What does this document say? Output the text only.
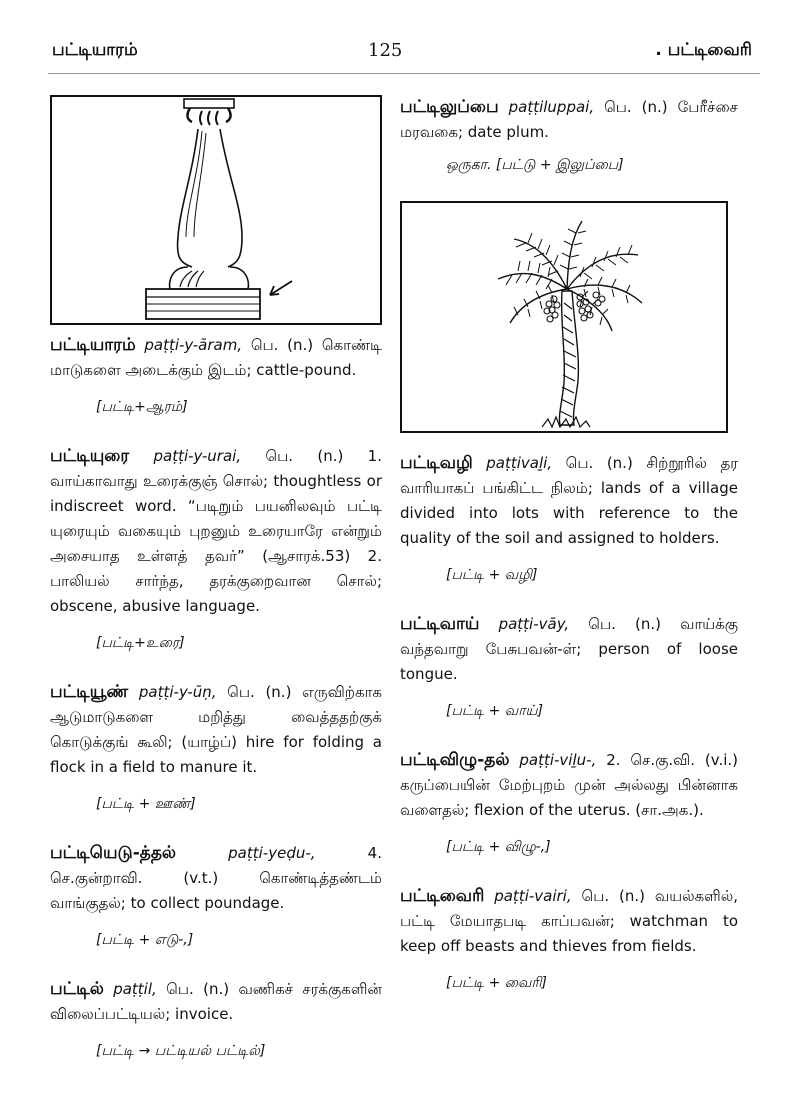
பட்டியாரம்	125	. பட்டிவைரி

பட்டியாரம் paṭṭi-y-āram, பெ. (n.) கொண்டி மாடுகளை அடைக்கும் இடம்; cattle-pound.

[பட்டி+ஆரம்]

பட்டியுரை paṭṭi-y-urai, பெ. (n.) 1. வாய்காவாது உரைக்குஞ் சொல்; thoughtless or indiscreet word. “படிறும் பயனிலவும் பட்டி யுரையும் வகையும் புறனும் உரையாரே என்றும் அசையாத உள்ளத் தவர்” (ஆசாரக்.53) 2. பாலியல் சார்ந்த, தரக்குறைவான சொல்; obscene, abusive language.

[பட்டி+உரை]

பட்டியூண் paṭṭi-y-ūṇ, பெ. (n.) எருவிற்காக ஆடுமாடுகளை மறித்து வைத்ததற்குக் கொடுக்குங் கூலி; (யாழ்ப்) hire for folding a flock in a field to manure it.

[பட்டி + ஊண்]

பட்டியெடு-த்தல்	paṭṭi-yeḍu-, 4. செ.குன்றாவி. (v.t.) கொண்டித்தண்டம் வாங்குதல்; to collect poundage.

[பட்டி + எடு-,]

பட்டில் paṭṭil, பெ. (n.) வணிகச் சரக்குகளின் விலைப்பட்டியல்; invoice.

[பட்டி → பட்டியல் பட்டில்]

பட்டிலுப்பை paṭṭiluppai, பெ. (n.) பேரீச்சை மரவகை; date plum.

ஒருகா. [பட்டு + இலுப்பை]

பட்டிவழி paṭṭivaḻi, பெ. (n.) சிற்றூரில் தர வாரியாகப் பங்கிட்ட நிலம்; lands of a village divided into lots with reference to the quality of the soil and assigned to holders.

[பட்டி + வழி]

பட்டிவாய் paṭṭi-vāy, பெ. (n.) வாய்க்கு வந்தவாறு பேசுபவன்-ள்; person of loose tongue.

[பட்டி + வாய்]

பட்டிவிழு-தல் paṭṭi-viḻu-, 2. செ.கு.வி. (v.i.) கருப்பையின் மேற்புறம் முன் அல்லது பின்னாக வளைதல்; flexion of the uterus. (சா.அக.).

[பட்டி + விழு-,]

பட்டிவைரி paṭṭi-vairi, பெ. (n.) வயல்களில், பட்டி மேயாதபடி காப்பவன்; watchman to keep off beasts and thieves from fields.

[பட்டி + வைரி]
